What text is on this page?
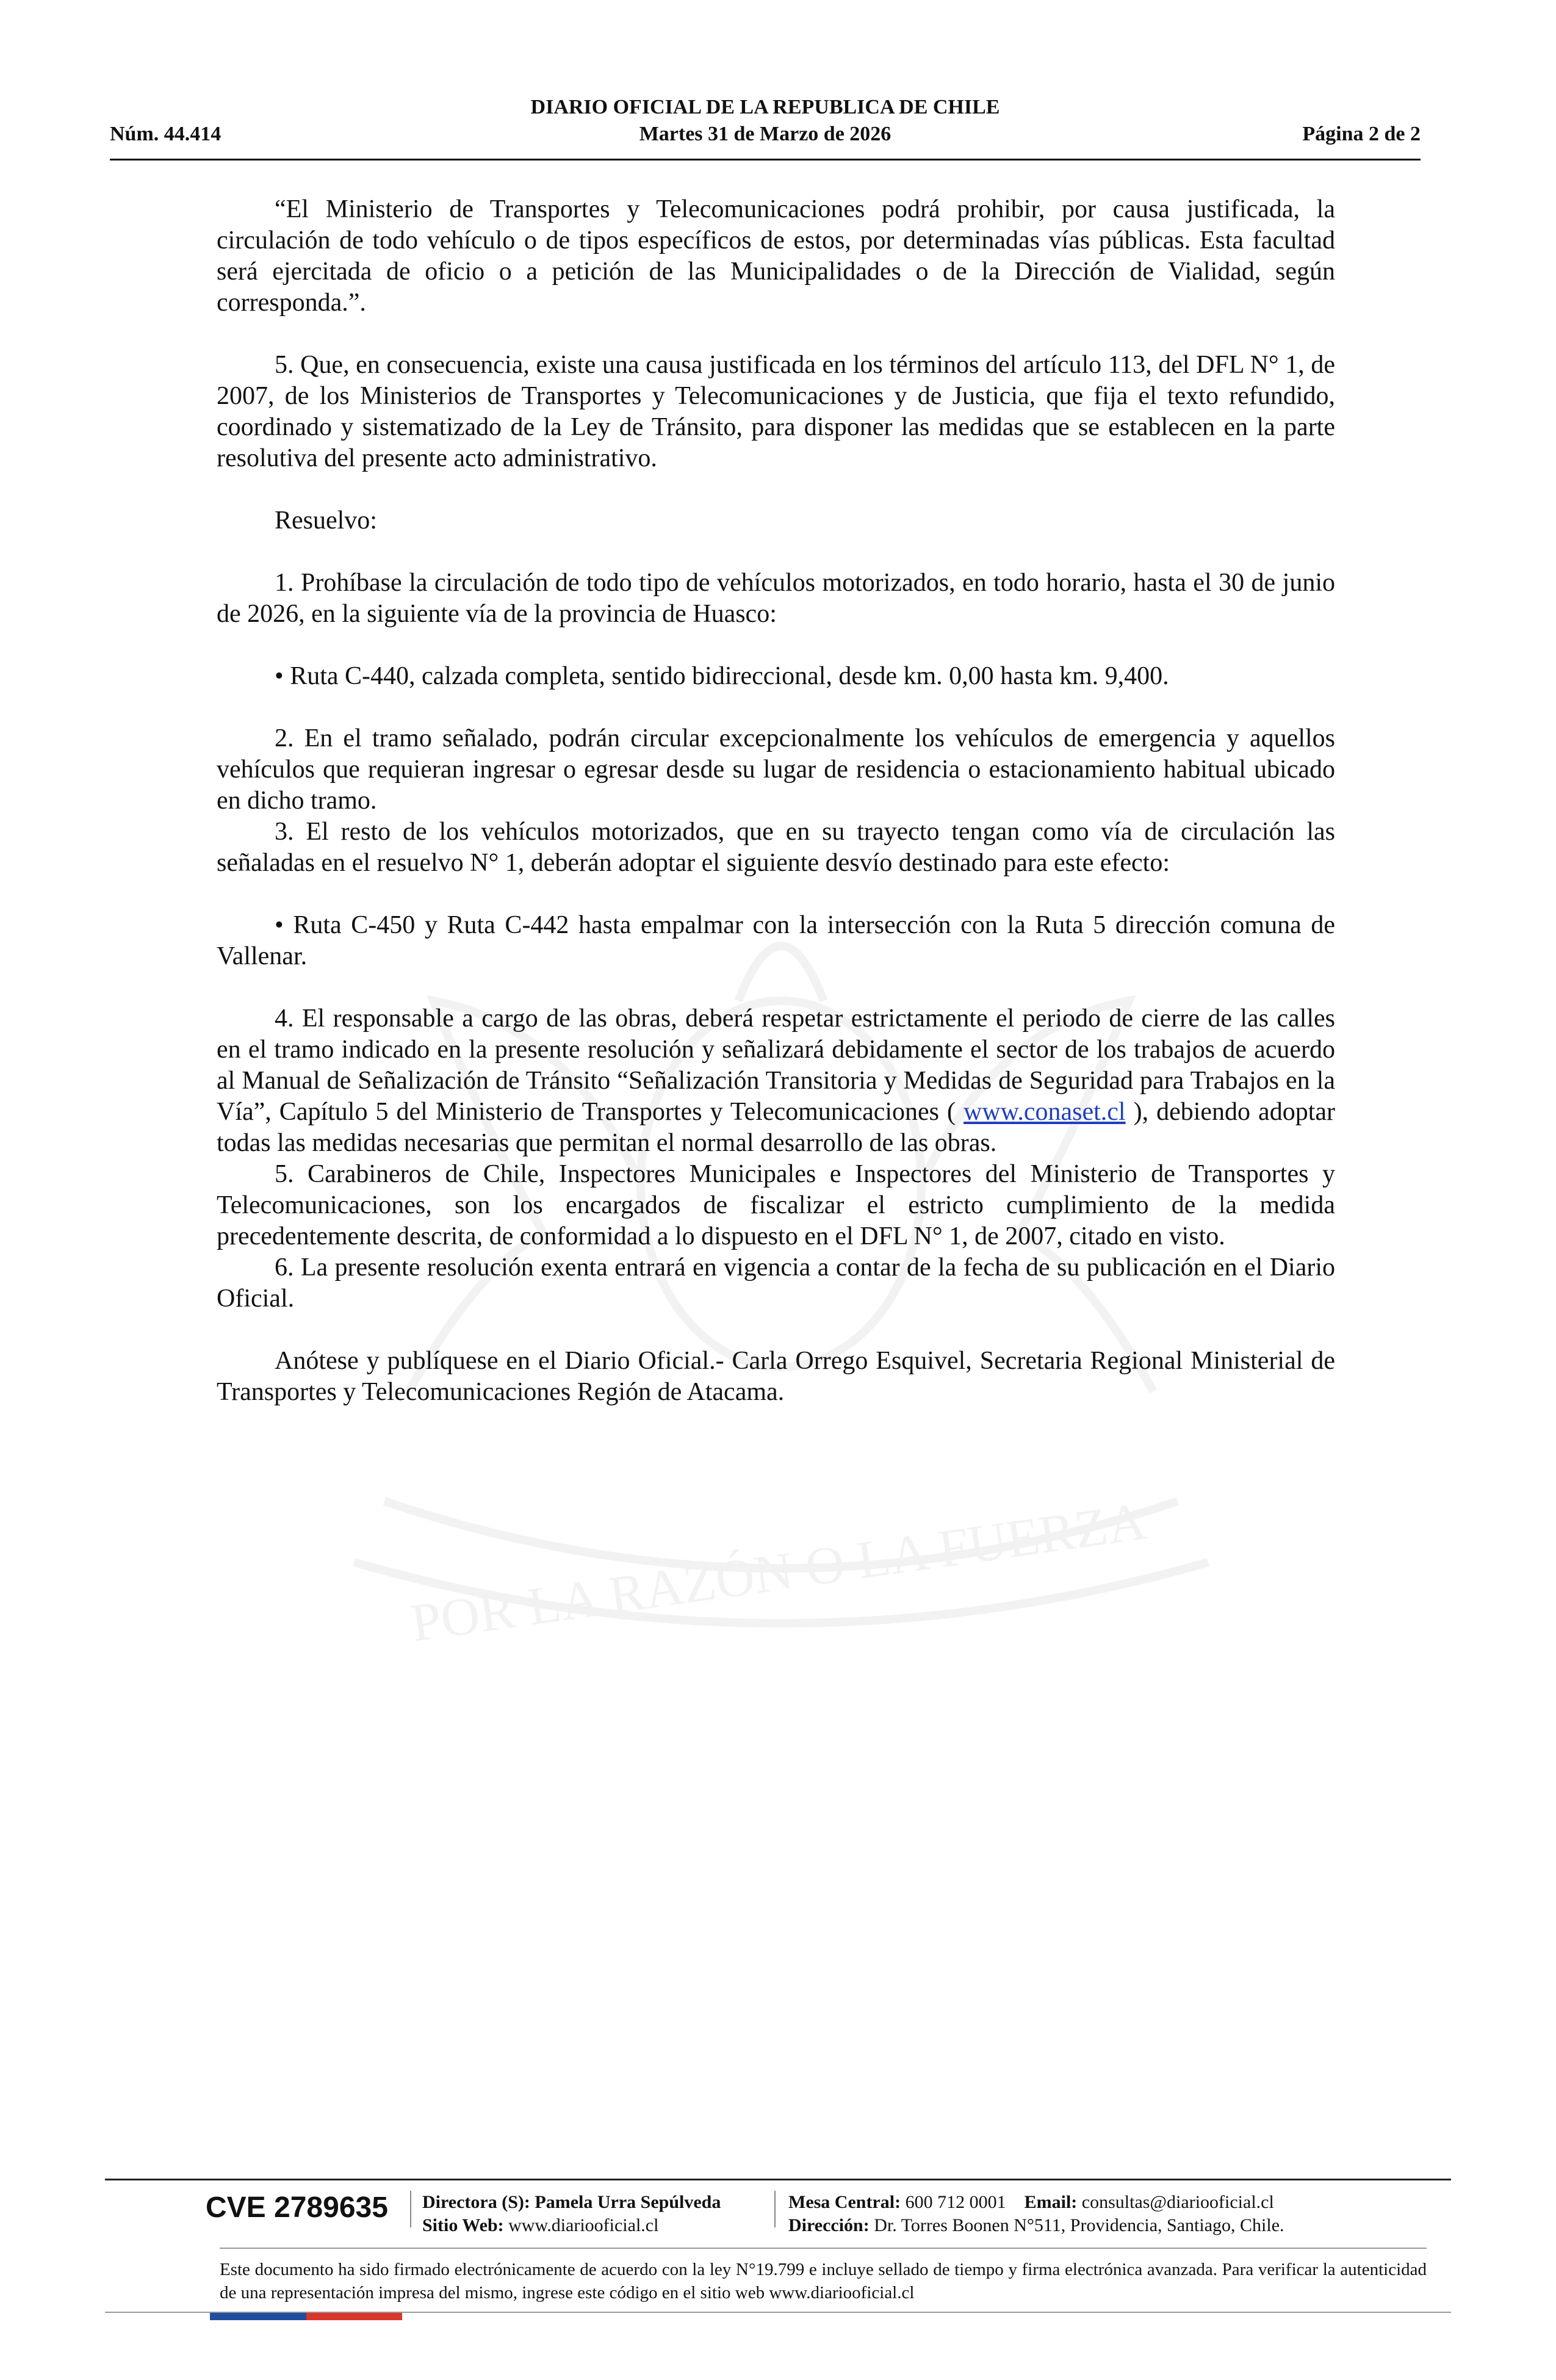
POR LA RAZÓN O LA FUERZA
DIARIO OFICIAL DE LA REPUBLICA DE CHILE
Núm. 44.414	Martes 31 de Marzo de 2026	Página 2 de 2

“El Ministerio de Transportes y Telecomunicaciones podrá prohibir, por causa justificada, la circulación de todo vehículo o de tipos específicos de estos, por determinadas vías públicas. Esta facultad será ejercitada de oficio o a petición de las Municipalidades o de la Dirección de Vialidad, según corresponda.”.

5. Que, en consecuencia, existe una causa justificada en los términos del artículo 113, del DFL N° 1, de 2007, de los Ministerios de Transportes y Telecomunicaciones y de Justicia, que fija el texto refundido, coordinado y sistematizado de la Ley de Tránsito, para disponer las medidas que se establecen en la parte resolutiva del presente acto administrativo.

Resuelvo:

1. Prohíbase la circulación de todo tipo de vehículos motorizados, en todo horario, hasta el 30 de junio de 2026, en la siguiente vía de la provincia de Huasco:

• Ruta C-440, calzada completa, sentido bidireccional, desde km. 0,00 hasta km. 9,400.

2. En el tramo señalado, podrán circular excepcionalmente los vehículos de emergencia y aquellos vehículos que requieran ingresar o egresar desde su lugar de residencia o estacionamiento habitual ubicado en dicho tramo.

3. El resto de los vehículos motorizados, que en su trayecto tengan como vía de circulación las señaladas en el resuelvo N° 1, deberán adoptar el siguiente desvío destinado para este efecto:

• Ruta C-450 y Ruta C-442 hasta empalmar con la intersección con la Ruta 5 dirección comuna de Vallenar.

4. El responsable a cargo de las obras, deberá respetar estrictamente el periodo de cierre de las calles en el tramo indicado en la presente resolución y señalizará debidamente el sector de los trabajos de acuerdo al Manual de Señalización de Tránsito “Señalización Transitoria y Medidas de Seguridad para Trabajos en la Vía”, Capítulo 5 del Ministerio de Transportes y Telecomunicaciones ( www.conaset.cl ), debiendo adoptar todas las medidas necesarias que permitan el normal desarrollo de las obras.

5. Carabineros de Chile, Inspectores Municipales e Inspectores del Ministerio de Transportes y Telecomunicaciones, son los encargados de fiscalizar el estricto cumplimiento de la medida precedentemente descrita, de conformidad a lo dispuesto en el DFL N° 1, de 2007, citado en visto.

6. La presente resolución exenta entrará en vigencia a contar de la fecha de su publicación en el Diario Oficial.

Anótese y publíquese en el Diario Oficial.- Carla Orrego Esquivel, Secretaria Regional Ministerial de Transportes y Telecomunicaciones Región de Atacama.

CVE 2789635	Directora (S): Pamela Urra Sepúlveda
Sitio Web: www.diariooficial.cl
Mesa Central: 600 712 0001 Email: consultas@diariooficial.cl
Dirección: Dr. Torres Boonen N°511, Providencia, Santiago, Chile.
Este documento ha sido firmado electrónicamente de acuerdo con la ley N°19.799 e incluye sellado de tiempo y firma electrónica avanzada. Para verificar la autenticidad de una representación impresa del mismo, ingrese este código en el sitio web www.diariooficial.cl
